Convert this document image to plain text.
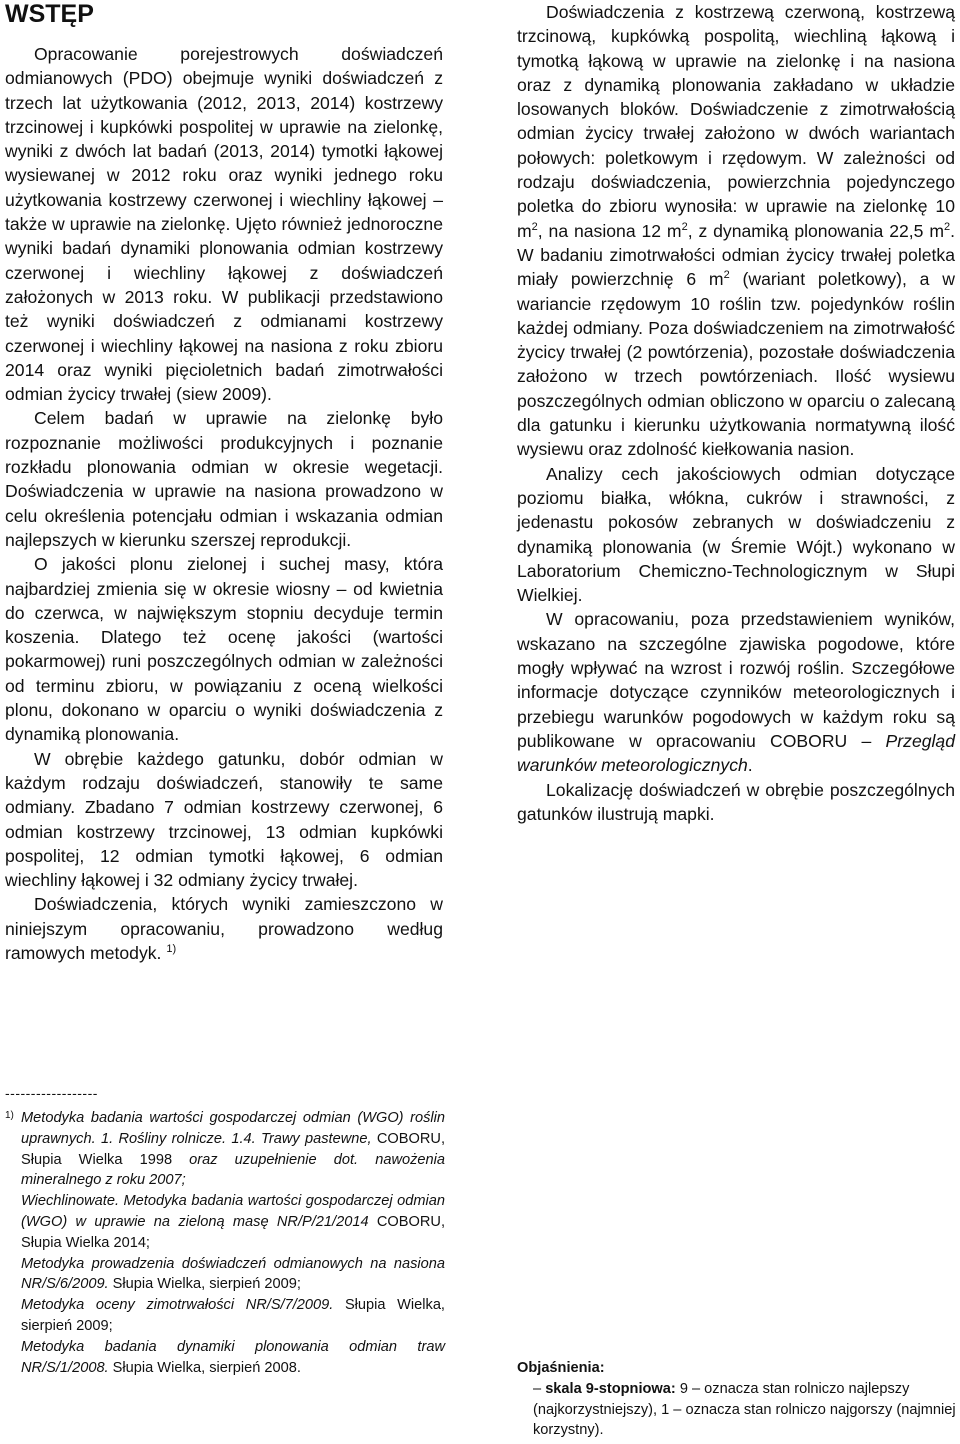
WSTĘP

Opracowanie porejestrowych doświadczeń odmianowych (PDO) obejmuje wyniki doświadczeń z trzech lat użytkowania (2012, 2013, 2014) kostrzewy trzcinowej i kupkówki pospolitej w uprawie na zielonkę, wyniki z dwóch lat badań (2013, 2014) tymotki łąkowej wysiewanej w 2012 roku oraz wyniki jednego roku użytkowania kostrzewy czerwonej i wiechliny łąkowej – także w uprawie na zielonkę. Ujęto również jednoroczne wyniki badań dynamiki plonowania odmian kostrzewy czerwonej i wiechliny łąkowej z doświadczeń założonych w 2013 roku. W publikacji przedstawiono też wyniki doświadczeń z odmianami kostrzewy czerwonej i wiechliny łąkowej na nasiona z roku zbioru 2014 oraz wyniki pięcioletnich badań zimotrwałości odmian życicy trwałej (siew 2009).

Celem badań w uprawie na zielonkę było rozpoznanie możliwości produkcyjnych i poznanie rozkładu plonowania odmian w okresie wegetacji. Doświadczenia w uprawie na nasiona prowadzono w celu określenia potencjału odmian i wskazania odmian najlepszych w kierunku szerszej reprodukcji.

O jakości plonu zielonej i suchej masy, która najbardziej zmienia się w okresie wiosny – od kwietnia do czerwca, w największym stopniu decyduje termin koszenia. Dlatego też ocenę jakości (wartości pokarmowej) runi poszczególnych odmian w zależności od terminu zbioru, w powiązaniu z oceną wielkości plonu, dokonano w oparciu o wyniki doświadczenia z dynamiką plonowania.

W obrębie każdego gatunku, dobór odmian w każdym rodzaju doświadczeń, stanowiły te same odmiany. Zbadano 7 odmian kostrzewy czerwonej, 6 odmian kostrzewy trzcinowej, 13 odmian kupkówki pospolitej, 12 odmian tymotki łąkowej, 6 odmian wiechliny łąkowej i 32 odmiany życicy trwałej.

Doświadczenia, których wyniki zamieszczono w niniejszym opracowaniu, prowadzono według ramowych metodyk. $^{1)}$

Doświadczenia z kostrzewą czerwoną, kostrzewą trzcinową, kupkówką pospolitą, wiechliną łąkową i tymotką łąkową w uprawie na zielonkę i na nasiona oraz z dynamiką plonowania zakładano w układzie losowanych bloków. Doświadczenie z zimotrwałością odmian życicy trwałej założono w dwóch wariantach połowych: poletkowym i rzędowym. W zależności od rodzaju doświadczenia, powierzchnia pojedynczego poletka do zbioru wynosiła: w uprawie na zielonkę 10 $m^2$, na nasiona 12 $m^2$, z dynamiką plonowania 22,5 $m^2$. W badaniu zimotrwałości odmian życicy trwałej poletka miały powierzchnię 6 $m^2$ (wariant poletkowy), a w wariancie rzędowym 10 roślin tzw. pojedynków roślin każdej odmiany. Poza doświadczeniem na zimotrwałość życicy trwałej (2 powtórzenia), pozostałe doświadczenia założono w trzech powtórzeniach. Ilość wysiewu poszczególnych odmian obliczono w oparciu o zalecaną dla gatunku i kierunku użytkowania normatywną ilość wysiewu oraz zdolność kiełkowania nasion.

Analizy cech jakościowych odmian dotyczące poziomu białka, włókna, cukrów i strawności, z jedenastu pokosów zebranych w doświadczeniu z dynamiką plonowania (w Śremie Wójt.) wykonano w Laboratorium Chemiczno-Technologicznym w Słupi Wielkiej.

W opracowaniu, poza przedstawieniem wyników, wskazano na szczególne zjawiska pogodowe, które mogły wpływać na wzrost i rozwój roślin. Szczegółowe informacje dotyczące czynników meteorologicznych i przebiegu warunków pogodowych w każdym roku są publikowane w opracowaniu COBORU – Przegląd warunków meteorologicznych.

Lokalizację doświadczeń w obrębie poszczególnych gatunków ilustrują mapki.

------------------
1) Metodyka badania wartości gospodarczej odmian (WGO) roślin uprawnych. 1. Rośliny rolnicze. 1.4. Trawy pastewne, COBORU, Słupia Wielka 1998 oraz uzupełnienie dot. nawożenia mineralnego z roku 2007;
Wiechlinowate. Metodyka badania wartości gospodarczej odmian (WGO) w uprawie na zieloną masę NR/P/21/2014 COBORU, Słupia Wielka 2014;
Metodyka prowadzenia doświadczeń odmianowych na nasiona NR/S/6/2009. Słupia Wielka, sierpień 2009;
Metodyka oceny zimotrwałości NR/S/7/2009. Słupia Wielka, sierpień 2009;
Metodyka badania dynamiki plonowania odmian traw NR/S/1/2008. Słupia Wielka, sierpień 2008.	Objaśnienia:
– skala 9-stopniowa: 9 – oznacza stan rolniczo najlepszy (najkorzystniejszy), 1 – oznacza stan rolniczo najgorszy (najmniej korzystny).
